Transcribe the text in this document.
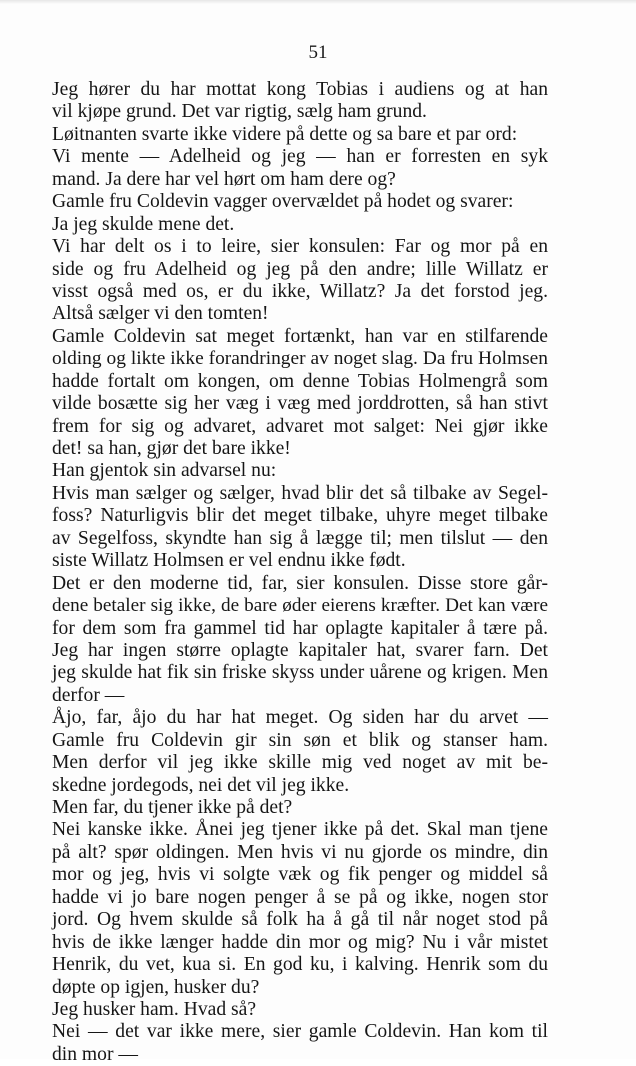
51

Jeg hører du har mottat kong Tobias i audiens og at han
vil kjøpe grund. Det var rigtig, sælg ham grund.
Løitnanten svarte ikke videre på dette og sa bare et par ord:
Vi mente — Adelheid og jeg — han er forresten en syk
mand. Ja dere har vel hørt om ham dere og?
Gamle fru Coldevin vagger overvældet på hodet og svarer:
Ja jeg skulde mene det.
Vi har delt os i to leire, sier konsulen: Far og mor på en
side og fru Adelheid og jeg på den andre; lille Willatz er
visst også med os, er du ikke, Willatz? Ja det forstod jeg.
Altså sælger vi den tomten!
Gamle Coldevin sat meget fortænkt, han var en stilfarende
olding og likte ikke forandringer av noget slag. Da fru Holmsen
hadde fortalt om kongen, om denne Tobias Holmengrå som
vilde bosætte sig her væg i væg med jorddrotten, så han stivt
frem for sig og advaret, advaret mot salget: Nei gjør ikke
det! sa han, gjør det bare ikke!
Han gjentok sin advarsel nu:
Hvis man sælger og sælger, hvad blir det så tilbake av Segel-
foss? Naturligvis blir det meget tilbake, uhyre meget tilbake
av Segelfoss, skyndte han sig å lægge til; men tilslut — den
siste Willatz Holmsen er vel endnu ikke født.
Det er den moderne tid, far, sier konsulen. Disse store går-
dene betaler sig ikke, de bare øder eierens kræfter. Det kan være
for dem som fra gammel tid har oplagte kapitaler å tære på.
Jeg har ingen større oplagte kapitaler hat, svarer farn. Det
jeg skulde hat fik sin friske skyss under uårene og krigen. Men
derfor —
Åjo, far, åjo du har hat meget. Og siden har du arvet —
Gamle fru Coldevin gir sin søn et blik og stanser ham.
Men derfor vil jeg ikke skille mig ved noget av mit be-
skedne jordegods, nei det vil jeg ikke.
Men far, du tjener ikke på det?
Nei kanske ikke. Ånei jeg tjener ikke på det. Skal man tjene
på alt? spør oldingen. Men hvis vi nu gjorde os mindre, din
mor og jeg, hvis vi solgte væk og fik penger og middel så
hadde vi jo bare nogen penger å se på og ikke, nogen stor
jord. Og hvem skulde så folk ha å gå til når noget stod på
hvis de ikke længer hadde din mor og mig? Nu i vår mistet
Henrik, du vet, kua si. En god ku, i kalving. Henrik som du
døpte op igjen, husker du?
Jeg husker ham. Hvad så?
Nei — det var ikke mere, sier gamle Coldevin. Han kom til
din mor —
